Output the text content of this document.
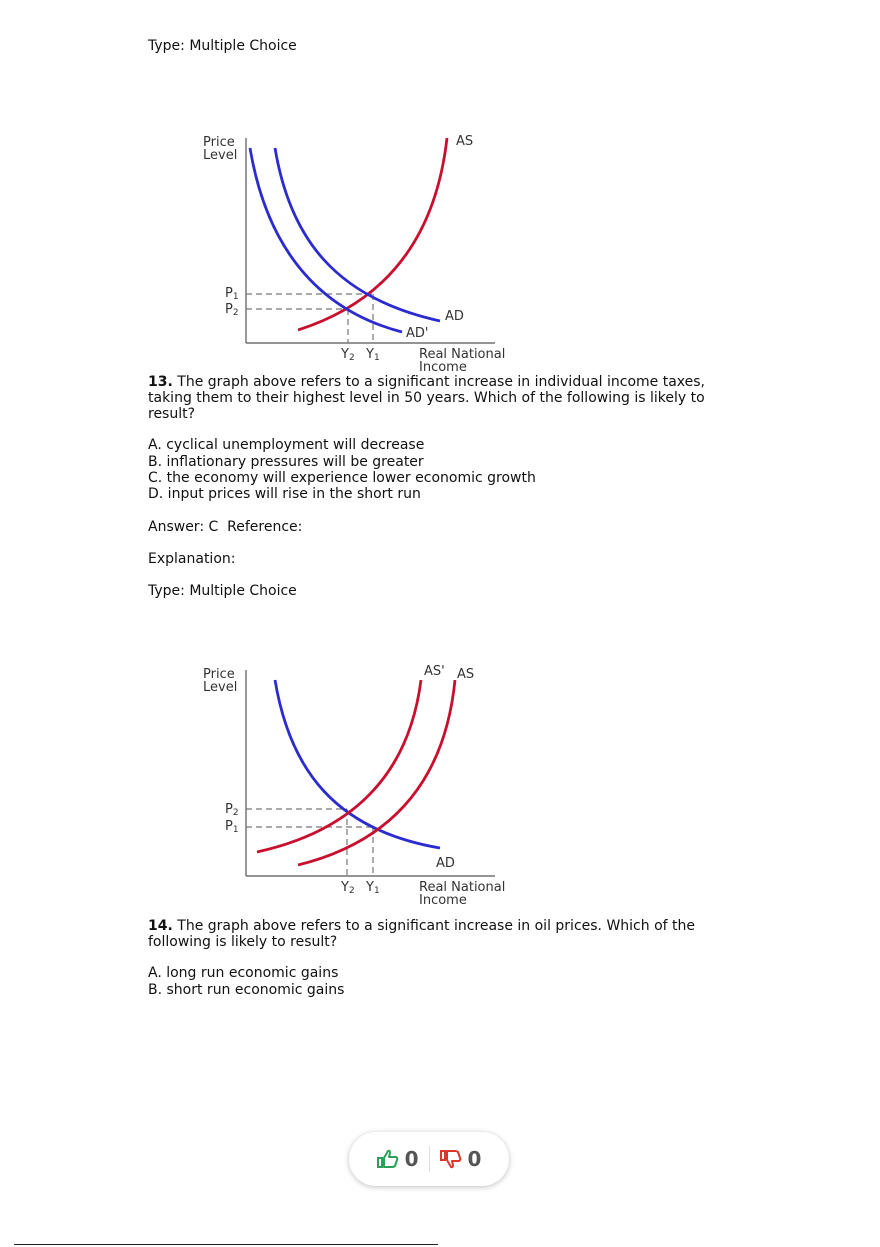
Type: Multiple Choice
Price
Level
AS
AD
AD'
P1
P2
Y2 Y1	Real National
Income
13. The graph above refers to a significant increase in individual income taxes, taking them to their highest level in 50 years. Which of the following is likely to result?
A. cyclical unemployment will decrease
B. inflationary pressures will be greater
C. the economy will experience lower economic growth
D. input prices will rise in the short run
Answer: C  Reference:
Explanation:
Type: Multiple Choice
Price
Level
AS' AS
AD
P2
P1
Y2 Y1	Real National
Income
14. The graph above refers to a significant increase in oil prices. Which of the following is likely to result?
A. long run economic gains
B. short run economic gains
0 0
